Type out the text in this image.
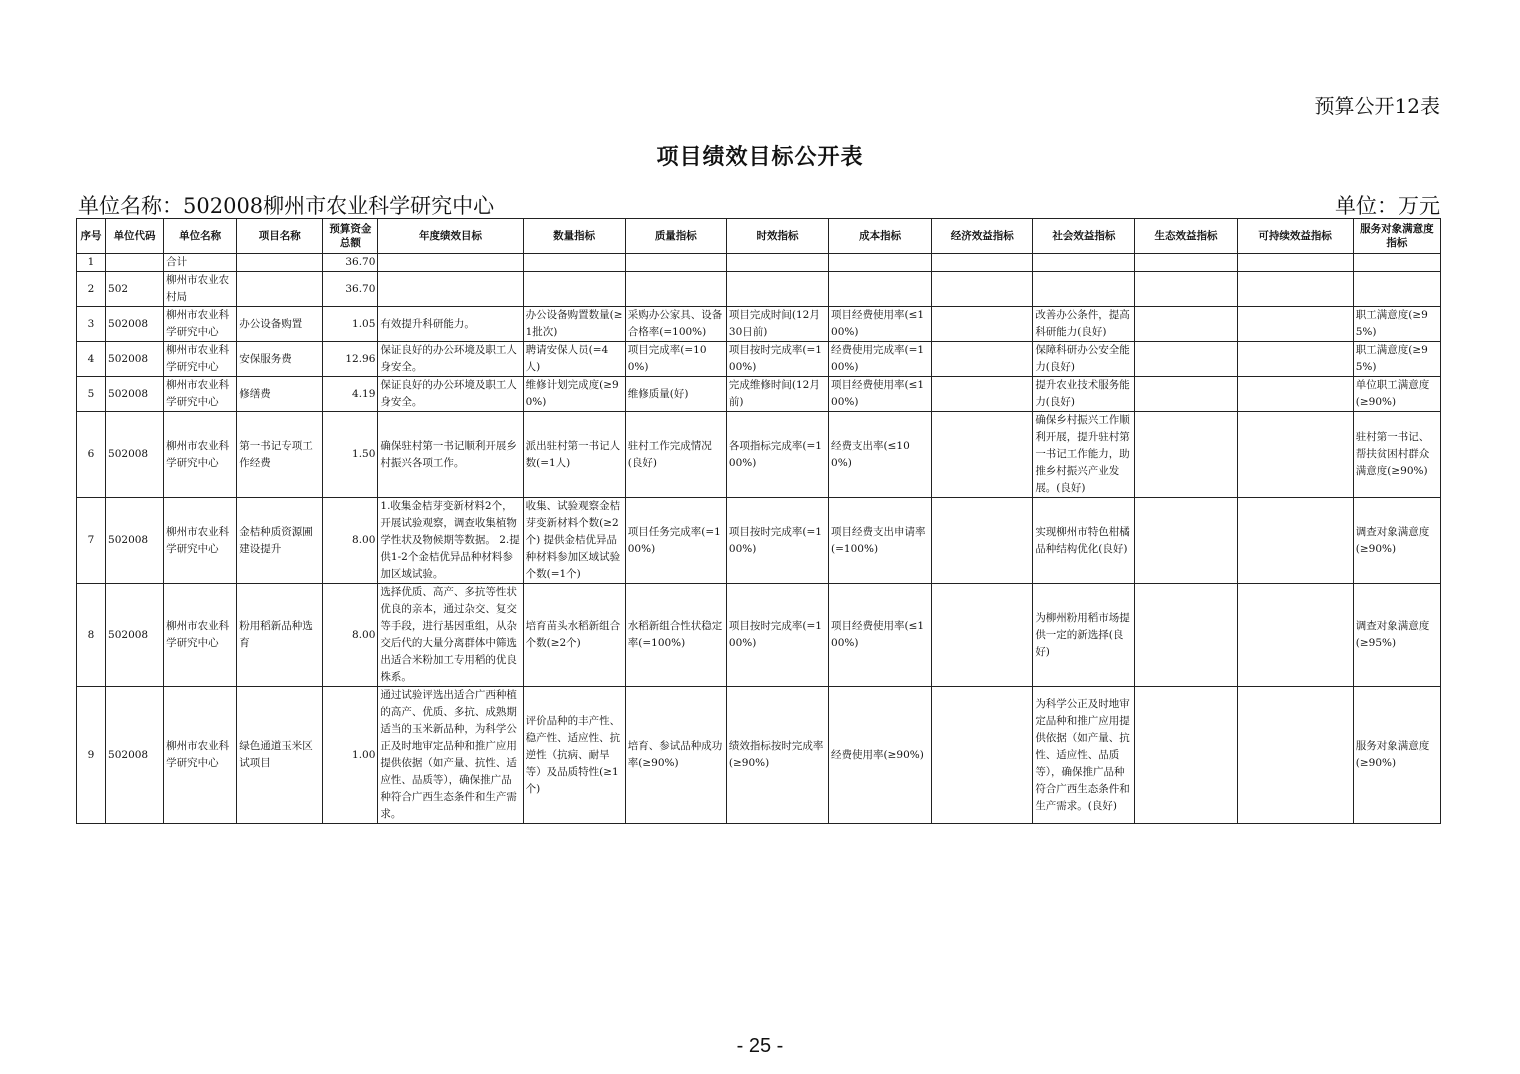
预算公开12表
项目绩效目标公开表
单位名称：502008柳州市农业科学研究中心	单位：万元
序号	单位代码	单位名称	项目名称	预算资金总额	年度绩效目标	数量指标	质量指标	时效指标	成本指标	经济效益指标	社会效益指标	生态效益指标	可持续效益指标	服务对象满意度指标
1		合计		36.70										
2	502	柳州市农业农村局		36.70										
3	502008	柳州市农业科学研究中心	办公设备购置	1.05	有效提升科研能力。	办公设备购置数量(≥1批次)	采购办公家具、设备合格率(=100%)	项目完成时间(12月30日前)	项目经费使用率(≤100%)		改善办公条件，提高科研能力(良好)			职工满意度(≥95%)
4	502008	柳州市农业科学研究中心	安保服务费	12.96	保证良好的办公环境及职工人身安全。	聘请安保人员(=4人)	项目完成率(=100%)	项目按时完成率(=100%)	经费使用完成率(=100%)		保障科研办公安全能力(良好)			职工满意度(≥95%)
5	502008	柳州市农业科学研究中心	修缮费	4.19	保证良好的办公环境及职工人身安全。	维修计划完成度(≥90%)	维修质量(好)	完成维修时间(12月前)	项目经费使用率(≤100%)		提升农业技术服务能力(良好)			单位职工满意度(≥90%)
6	502008	柳州市农业科学研究中心	第一书记专项工作经费	1.50	确保驻村第一书记顺利开展乡村振兴各项工作。	派出驻村第一书记人数(=1人)	驻村工作完成情况(良好)	各项指标完成率(=100%)	经费支出率(≤100%)		确保乡村振兴工作顺利开展，提升驻村第一书记工作能力，助推乡村振兴产业发展。(良好)			驻村第一书记、帮扶贫困村群众满意度(≥90%)
7	502008	柳州市农业科学研究中心	金桔种质资源圃建设提升	8.00	1.收集金桔芽变新材料2个，开展试验观察，调查收集植物学性状及物候期等数据。 2.提供1-2个金桔优异品种材料参加区域试验。	收集、试验观察金桔芽变新材料个数(≥2个) 提供金桔优异品种材料参加区域试验个数(=1个)	项目任务完成率(=100%)	项目按时完成率(=100%)	项目经费支出申请率(=100%)		实现柳州市特色柑橘品种结构优化(良好)			调查对象满意度(≥90%)
8	502008	柳州市农业科学研究中心	粉用稻新品种选育	8.00	选择优质、高产、多抗等性状优良的亲本，通过杂交、复交等手段，进行基因重组，从杂交后代的大量分离群体中筛选出适合米粉加工专用稻的优良株系。	培育苗头水稻新组合个数(≥2个)	水稻新组合性状稳定率(=100%)	项目按时完成率(=100%)	项目经费使用率(≤100%)		为柳州粉用稻市场提供一定的新选择(良好)			调查对象满意度(≥95%)
9	502008	柳州市农业科学研究中心	绿色通道玉米区试项目	1.00	通过试验评选出适合广西种植的高产、优质、多抗、成熟期适当的玉米新品种，为科学公正及时地审定品种和推广应用提供依据（如产量、抗性、适应性、品质等），确保推广品种符合广西生态条件和生产需求。	评价品种的丰产性、稳产性、适应性、抗逆性（抗病、耐旱等）及品质特性(≥1个)	培育、参试品种成功率(≥90%)	绩效指标按时完成率(≥90%)	经费使用率(≥90%)		为科学公正及时地审定品种和推广应用提供依据（如产量、抗性、适应性、品质等），确保推广品种符合广西生态条件和生产需求。(良好)			服务对象满意度(≥90%)
- 25 -
